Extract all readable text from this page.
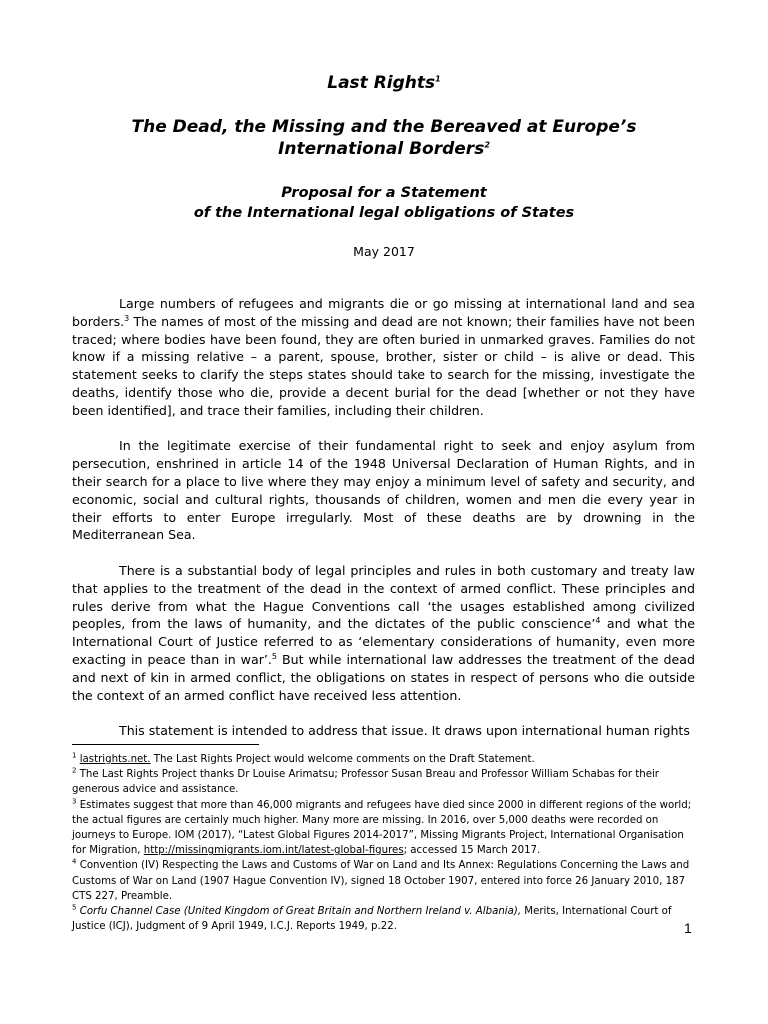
Last Rights$^1$
The Dead, the Missing and the Bereaved at Europe’s International Borders$^2$
Proposal for a Statement
of the International legal obligations of States
May 2017

Large numbers of refugees and migrants die or go missing at international land and sea borders.$^3$ The names of most of the missing and dead are not known; their families have not been traced; where bodies have been found, they are often buried in unmarked graves. Families do not know if a missing relative – a parent, spouse, brother, sister or child – is alive or dead. This statement seeks to clarify the steps states should take to search for the missing, investigate the deaths, identify those who die, provide a decent burial for the dead [whether or not they have been identified], and trace their families, including their children.

In the legitimate exercise of their fundamental right to seek and enjoy asylum from persecution, enshrined in article 14 of the 1948 Universal Declaration of Human Rights, and in their search for a place to live where they may enjoy a minimum level of safety and security, and economic, social and cultural rights, thousands of children, women and men die every year in their efforts to enter Europe irregularly. Most of these deaths are by drowning in the Mediterranean Sea.

There is a substantial body of legal principles and rules in both customary and treaty law that applies to the treatment of the dead in the context of armed conflict. These principles and rules derive from what the Hague Conventions call ‘the usages established among civilized peoples, from the laws of humanity, and the dictates of the public conscience’$^4$ and what the International Court of Justice referred to as ‘elementary considerations of humanity, even more exacting in peace than in war’.$^5$ But while international law addresses the treatment of the dead and next of kin in armed conflict, the obligations on states in respect of persons who die outside the context of an armed conflict have received less attention.

This statement is intended to address that issue. It draws upon international human rights

$^1$ lastrights.net. The Last Rights Project would welcome comments on the Draft Statement.
$^2$ The Last Rights Project thanks Dr Louise Arimatsu; Professor Susan Breau and Professor William Schabas for their generous advice and assistance.
$^3$ Estimates suggest that more than 46,000 migrants and refugees have died since 2000 in different regions of the world; the actual figures are certainly much higher. Many more are missing. In 2016, over 5,000 deaths were recorded on journeys to Europe. IOM (2017), “Latest Global Figures 2014-2017”, Missing Migrants Project, International Organisation for Migration, http://missingmigrants.iom.int/latest-global-figures; accessed 15 March 2017.
$^4$ Convention (IV) Respecting the Laws and Customs of War on Land and Its Annex: Regulations Concerning the Laws and Customs of War on Land (1907 Hague Convention IV), signed 18 October 1907, entered into force 26 January 2010, 187 CTS 227, Preamble.
$^5$ Corfu Channel Case (United Kingdom of Great Britain and Northern Ireland v. Albania), Merits, International Court of Justice (ICJ), Judgment of 9 April 1949, I.C.J. Reports 1949, p.22.	1
